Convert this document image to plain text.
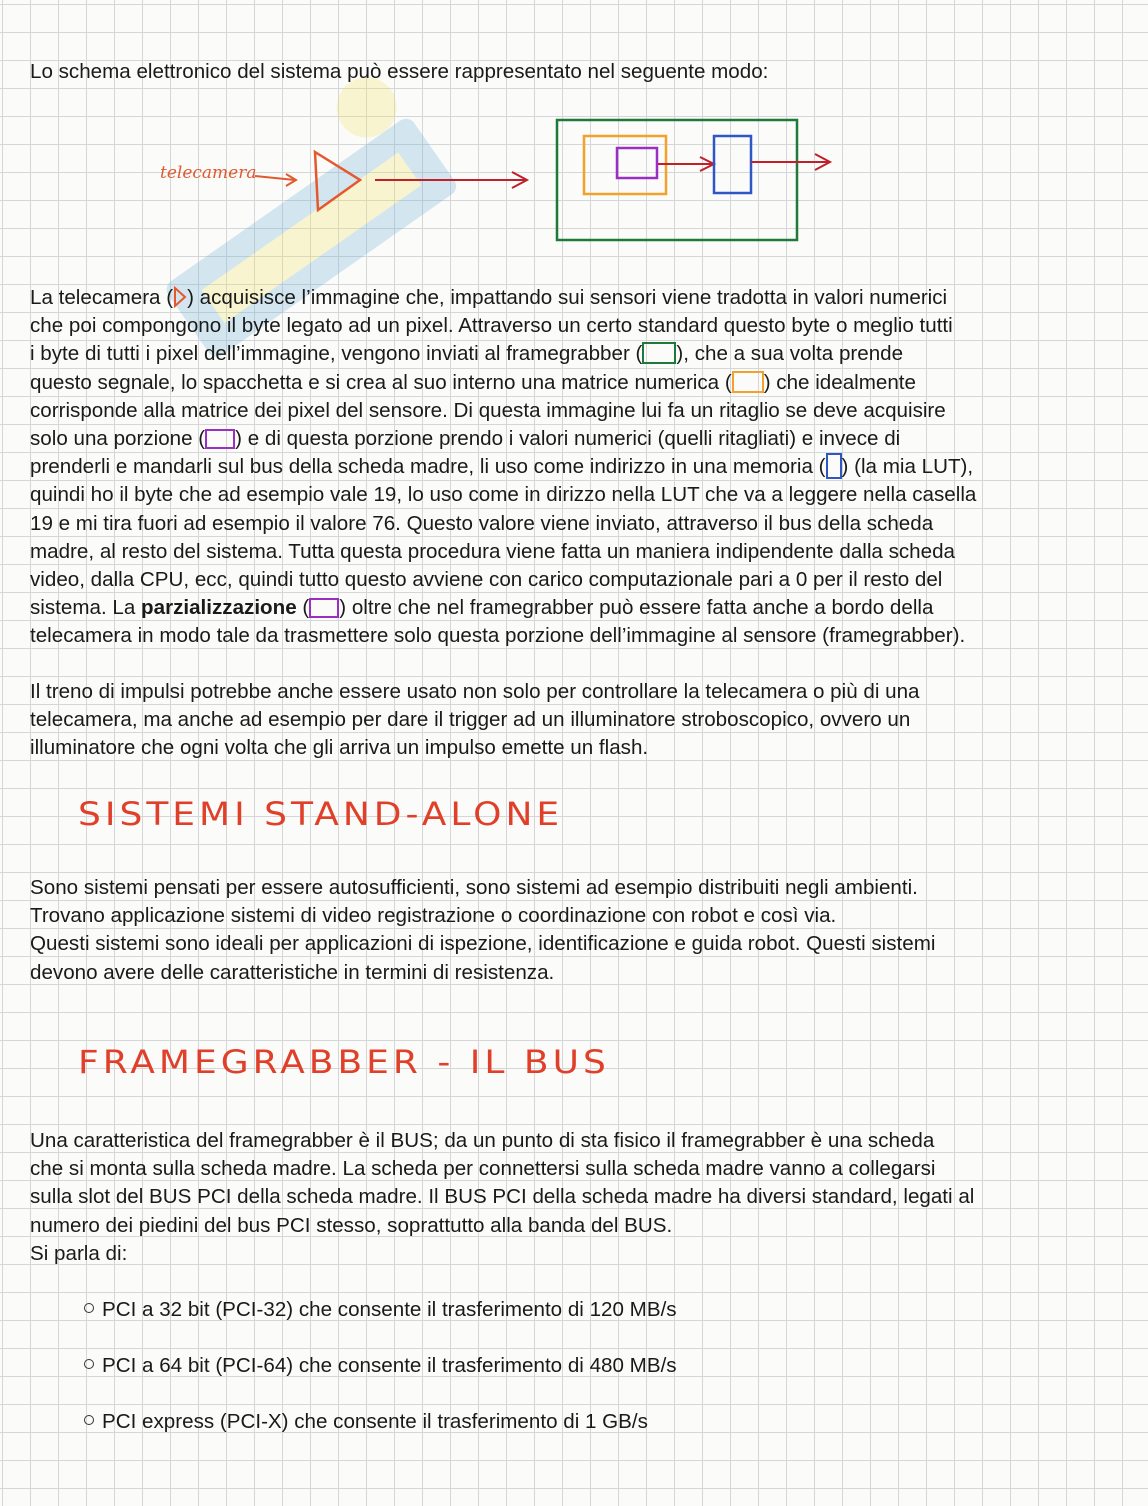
Lo schema elettronico del sistema può essere rappresentato nel seguente modo:

telecamera
La telecamera ( ) acquisisce l’immagine che, impattando sui sensori viene tradotta in valori numerici
che poi compongono il byte legato ad un pixel. Attraverso un certo standard questo byte o meglio tutti
i byte di tutti i pixel dell’immagine, vengono inviati al framegrabber ( ), che a sua volta prende
questo segnale, lo spacchetta e si crea al suo interno una matrice numerica ( ) che idealmente
corrisponde alla matrice dei pixel del sensore. Di questa immagine lui fa un ritaglio se deve acquisire
solo una porzione ( ) e di questa porzione prendo i valori numerici (quelli ritagliati) e invece di
prenderli e mandarli sul bus della scheda madre, li uso come indirizzo in una memoria ( ) (la mia LUT),
quindi ho il byte che ad esempio vale 19, lo uso come in dirizzo nella LUT che va a leggere nella casella
19 e mi tira fuori ad esempio il valore 76. Questo valore viene inviato, attraverso il bus della scheda
madre, al resto del sistema. Tutta questa procedura viene fatta un maniera indipendente dalla scheda
video, dalla CPU, ecc, quindi tutto questo avviene con carico computazionale pari a 0 per il resto del
sistema. La parzializzazione ( ) oltre che nel framegrabber può essere fatta anche a bordo della
telecamera in modo tale da trasmettere solo questa porzione dell’immagine al sensore (framegrabber).
Il treno di impulsi potrebbe anche essere usato non solo per controllare la telecamera o più di una
telecamera, ma anche ad esempio per dare il trigger ad un illuminatore stroboscopico, ovvero un
illuminatore che ogni volta che gli arriva un impulso emette un flash.
SISTEMI STAND-ALONE
Sono sistemi pensati per essere autosufficienti, sono sistemi ad esempio distribuiti negli ambienti.
Trovano applicazione sistemi di video registrazione o coordinazione con robot e così via.
Questi sistemi sono ideali per applicazioni di ispezione, identificazione e guida robot. Questi sistemi
devono avere delle caratteristiche in termini di resistenza.
FRAMEGRABBER - IL BUS
Una caratteristica del framegrabber è il BUS; da un punto di sta fisico il framegrabber è una scheda
che si monta sulla scheda madre. La scheda per connettersi sulla scheda madre vanno a collegarsi
sulla slot del BUS PCI della scheda madre. Il BUS PCI della scheda madre ha diversi standard, legati al
numero dei piedini del bus PCI stesso, soprattutto alla banda del BUS.
Si parla di:
PCI a 32 bit (PCI-32) che consente il trasferimento di 120 MB/s
PCI a 64 bit (PCI-64) che consente il trasferimento di 480 MB/s
PCI express (PCI-X) che consente il trasferimento di 1 GB/s
